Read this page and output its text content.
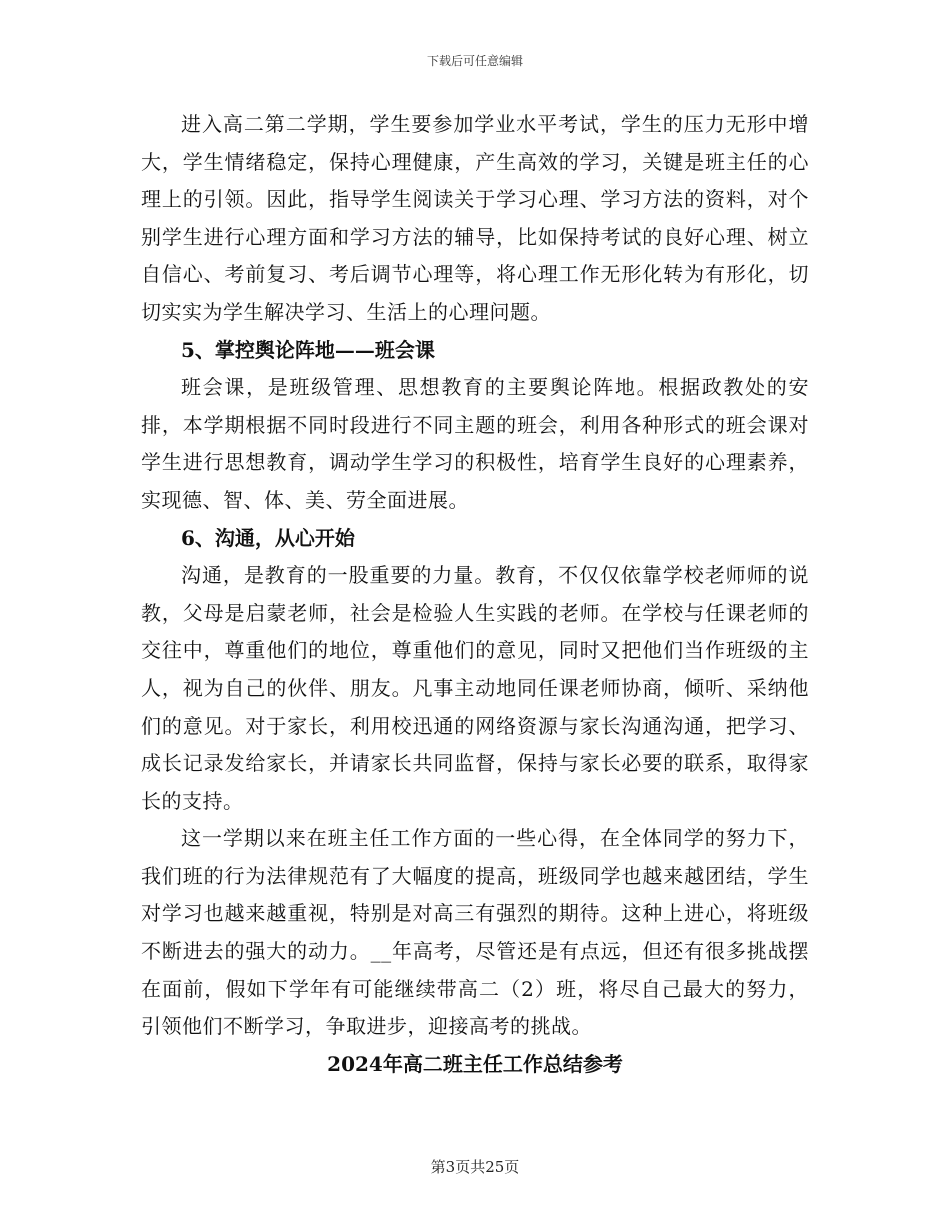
下载后可任意编辑

进入高二第二学期，学生要参加学业水平考试，学生的压力无形中增大，学生情绪稳定，保持心理健康，产生高效的学习，关键是班主任的心理上的引领。因此，指导学生阅读关于学习心理、学习方法的资料，对个别学生进行心理方面和学习方法的辅导，比如保持考试的良好心理、树立自信心、考前复习、考后调节心理等，将心理工作无形化转为有形化，切切实实为学生解决学习、生活上的心理问题。

5、掌控舆论阵地——班会课

班会课，是班级管理、思想教育的主要舆论阵地。根据政教处的安排，本学期根据不同时段进行不同主题的班会，利用各种形式的班会课对学生进行思想教育，调动学生学习的积极性，培育学生良好的心理素养，实现德、智、体、美、劳全面进展。

6、沟通，从心开始

沟通，是教育的一股重要的力量。教育，不仅仅依靠学校老师师的说教，父母是启蒙老师，社会是检验人生实践的老师。在学校与任课老师的交往中，尊重他们的地位，尊重他们的意见，同时又把他们当作班级的主人，视为自己的伙伴、朋友。凡事主动地同任课老师协商，倾听、采纳他们的意见。对于家长，利用校迅通的网络资源与家长沟通沟通，把学习、成长记录发给家长，并请家长共同监督，保持与家长必要的联系，取得家长的支持。

这一学期以来在班主任工作方面的一些心得，在全体同学的努力下，我们班的行为法律规范有了大幅度的提高，班级同学也越来越团结，学生对学习也越来越重视，特别是对高三有强烈的期待。这种上进心，将班级不断进去的强大的动力。__年高考，尽管还是有点远，但还有很多挑战摆在面前，假如下学年有可能继续带高二（2）班，将尽自己最大的努力，引领他们不断学习，争取进步，迎接高考的挑战。

2024年高二班主任工作总结参考

第3页共25页
